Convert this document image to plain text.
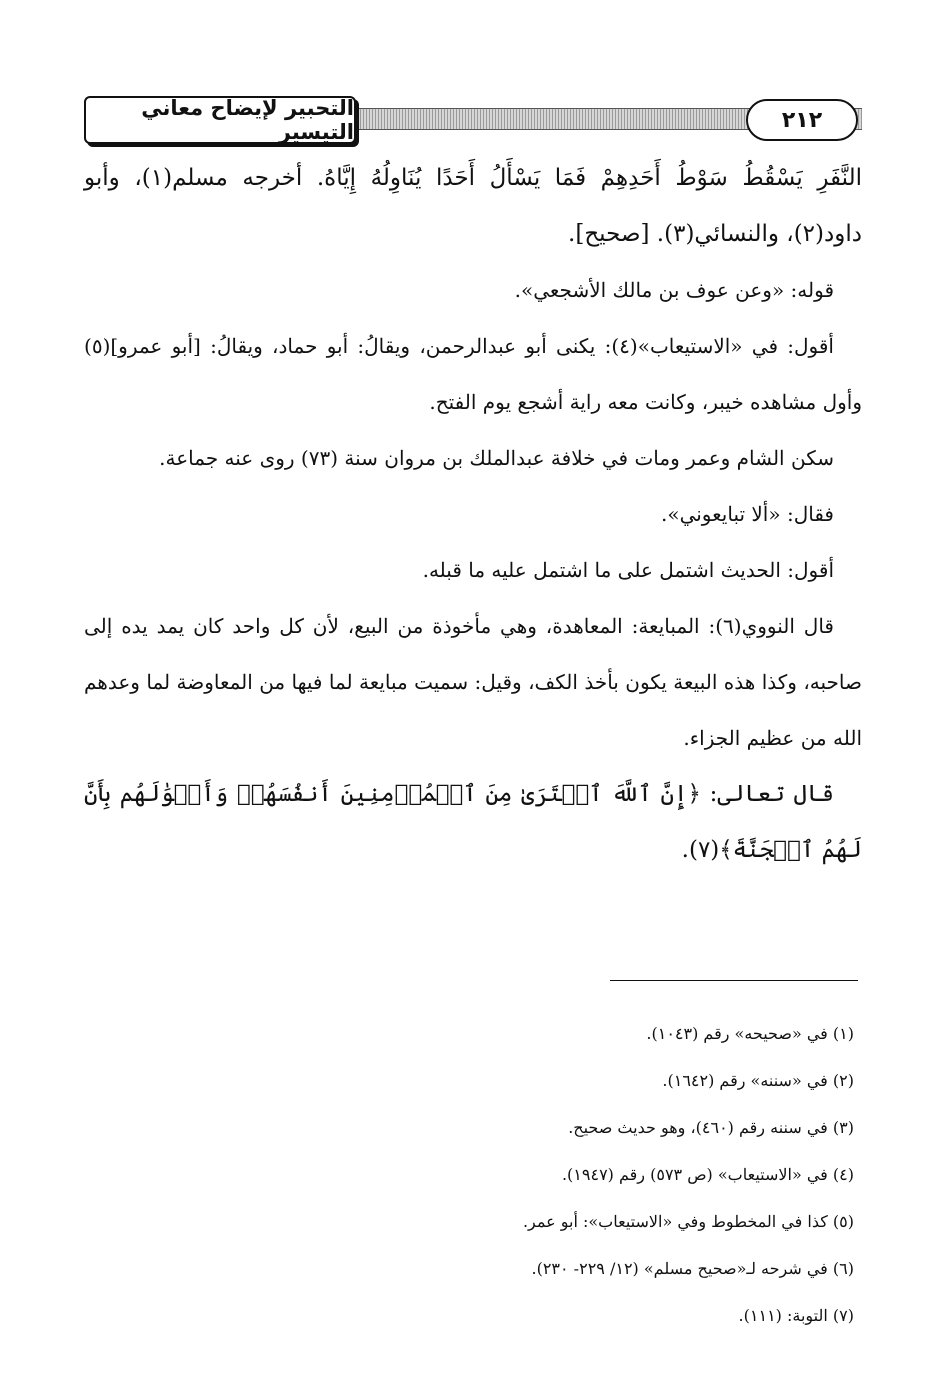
التحبير لإيضاح معاني التيسير	٢١٢

النَّفَرِ يَسْقُطُ سَوْطُ أَحَدِهِمْ فَمَا يَسْأَلُ أَحَدًا يُنَاوِلُهُ إِيَّاهُ. أخرجه مسلم(١)، وأبو داود(٢)، والنسائي(٣). [صحيح].

قوله: «وعن عوف بن مالك الأشجعي».

أقول: في «الاستيعاب»(٤): يكنى أبو عبدالرحمن، ويقالُ: أبو حماد، ويقالُ: [أبو عمرو](٥) وأول مشاهده خيبر، وكانت معه راية أشجع يوم الفتح.

سكن الشام وعمر ومات في خلافة عبدالملك بن مروان سنة (٧٣) روى عنه جماعة.

فقال: «ألا تبايعوني».

أقول: الحديث اشتمل على ما اشتمل عليه ما قبله.

قال النووي(٦): المبايعة: المعاهدة، وهي مأخوذة من البيع، لأن كل واحد كان يمد يده إلى صاحبه، وكذا هذه البيعة يكون بأخذ الكف، وقيل: سميت مبايعة لما فيها من المعاوضة لما وعدهم الله من عظيم الجزاء.

قال تعالى: ﴿إِنَّ ٱللَّهَ ٱشۡتَرَىٰ مِنَ ٱلۡمُؤۡمِنِينَ أَنفُسَهُمۡ وَأَمۡوَٰلَهُم بِأَنَّ لَهُمُ ٱلۡجَنَّةَ﴾(٧).

(١) في «صحيحه» رقم (١٠٤٣).

(٢) في «سننه» رقم (١٦٤٢).

(٣) في سننه رقم (٤٦٠)، وهو حديث صحيح.

(٤) في «الاستيعاب» (ص ٥٧٣) رقم (١٩٤٧).

(٥) كذا في المخطوط وفي «الاستيعاب»: أبو عمر.

(٦) في شرحه لـ«صحيح مسلم» (١٢/ ٢٢٩- ٢٣٠).

(٧) التوبة: (١١١).
